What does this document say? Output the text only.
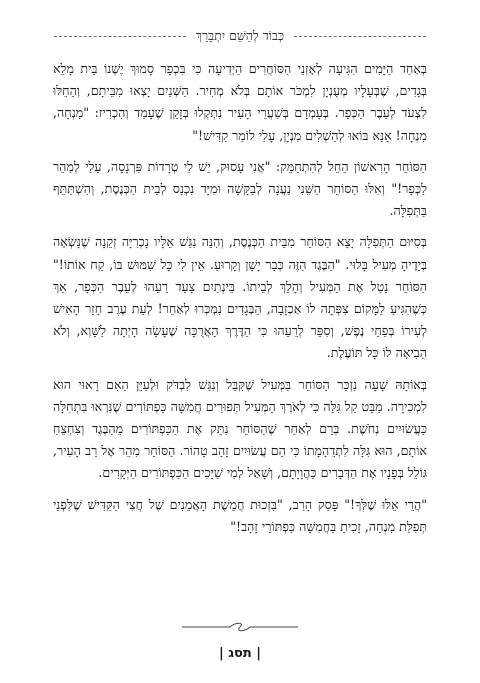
כְּבוֹד לְהַשֵּׁם יִתְבָּרֵךְ

בְּאַחַד הַיָּמִים הִגִּיעָה לְאָזְנֵי הַסּוֹחֲרִים הַיְדִיעָה כִּי בִּכְפָר סָמוּךְ יֶשְׁנוֹ בֵּית מָלֵא בְּגָדִים, שֶׁבְּעָלָיו מְעֻנְיָן לִמְכֹּר אוֹתָם בְּלֹא מְחִיר. הַשְּׁנַיִם יָצְאוּ מִבֵּיתָם, וְהֵחֵלּוּ לִצְעֹד לְעֵבֶר הַכְּפָר. בְּעָמְדָם בְּשַׁעֲרֵי הָעִיר נִתְקְלוּ בְּזָקֵן שֶׁעָמַד וְהִכְרִיז: "מִנְחָה, מִנְחָה! אָנָּא בּוֹאוּ לְהַשְׁלִים מִנְיָן, עָלַי לוֹמַר קַדִּישׁ!"

הַסּוֹחֵר הָרִאשׁוֹן הֵחֵל לְהִתְחַמֵּק: "אֲנִי עָסוּק, יֵשׁ לִי טְרָדוֹת פַּרְנָסָה, עָלַי לְמַהֵר לַכְּפָר!" וְאִלּוּ הַסּוֹחֵר הַשֵּׁנִי נַעֲנָה לְבַקָּשָׁה וּמִיָּד נִכְנַס לְבֵית הַכְּנֶסֶת, וְהִשְׁתַּתֵּף בַּתְּפִלָּה.

בְּסִיּוּם הַתְּפִלָּה יָצָא הַסּוֹחֵר מִבֵּית הַכְּנֶסֶת, וְהִנֵּה נִגַּשׁ אֵלָיו נָכְרִיָּה זְקֵנָה שֶׁנָּשְׂאָה בְּיָדֶיהָ מְעִיל בָּלוּי. "הַבֶּגֶד הַזֶּה כְּבָר יָשָׁן וְקָרוּעַ. אֵין לִי כָּל שִׁמּוּשׁ בּוֹ, קַח אוֹתוֹ!" הַסּוֹחֵר נָטַל אֶת הַמְּעִיל וְהָלַךְ לְבֵיתוֹ. בֵּינְתַיִם צָעַד רֵעֵהוּ לְעֵבֶר הַכְּפָר, אַךְ כְּשֶׁהִגִּיעַ לַמָּקוֹם צִפְּתָה לוֹ אַכְזָבָה, הַבְּגָדִים נִמְכְּרוּ לְאַחֵר! לְעֵת עֶרֶב חָזַר הָאִישׁ לְעִירוֹ בְּפַחֵי נֶפֶשׁ, וְסִפֵּר לְרֵעֵהוּ כִּי הַדֶּרֶךְ הָאֲרֻכָּה שֶׁעָשָׂה הָיְתָה לַשָּׁוְא, וְלֹא הֵבִיאָה לוֹ כָּל תּוֹעֶלֶת.

בְּאוֹתָהּ שָׁעָה נִזְכַּר הַסּוֹחֵר בַּמְּעִיל שֶׁקִּבֵּל וְנִגַּשׁ לִבְדֹּק וּלְעַיֵּן הַאִם רָאוּי הוּא לִמְכִירָה. מַבָּט קַל גִּלָּה כִּי לְאֹרֶךְ הַמְּעִיל תְּפוּרִים חֲמִשָּׁה כַּפְתּוֹרִים שֶׁנִּרְאוּ בִּתְחִלָּה כַּעֲשׂוּיִים נְחֹשֶׁת. בְּרַם לְאַחַר שֶׁהַסּוֹחֵר נִתֵּק אֶת הַכַּפְתּוֹרִים מֵהַבֶּגֶד וְצִחְצֵחַ אוֹתָם, הוּא גִּלָּה לִתְדֵהָמָתוֹ כִּי הֵם עֲשׂוּיִים זָהָב טָהוֹר. הַסּוֹחֵר מִהֵר אֶל רַב הָעִיר, גּוֹלֵל בְּפָנָיו אֶת הַדְּבָרִים כַּהֲוָיָתָם, וְשָׁאַל לְמִי שַׁיָּכִים הַכַּפְתּוֹרִים הַיְּקָרִים.

"הֲרֵי אֵלּוּ שֶׁלְּךָ!" פָּסַק הָרַב, "בִּזְכוּת חֲמֵשֶׁת הָאֲמֵנִים שֶׁל חֲצִי הַקַּדִּישׁ שֶׁלִּפְנֵי תְּפִלַּת מִנְחָה, זָכִיתָ בַּחֲמִשָּׁה כַּפְתּוֹרֵי זָהָב!"

| תסג |
